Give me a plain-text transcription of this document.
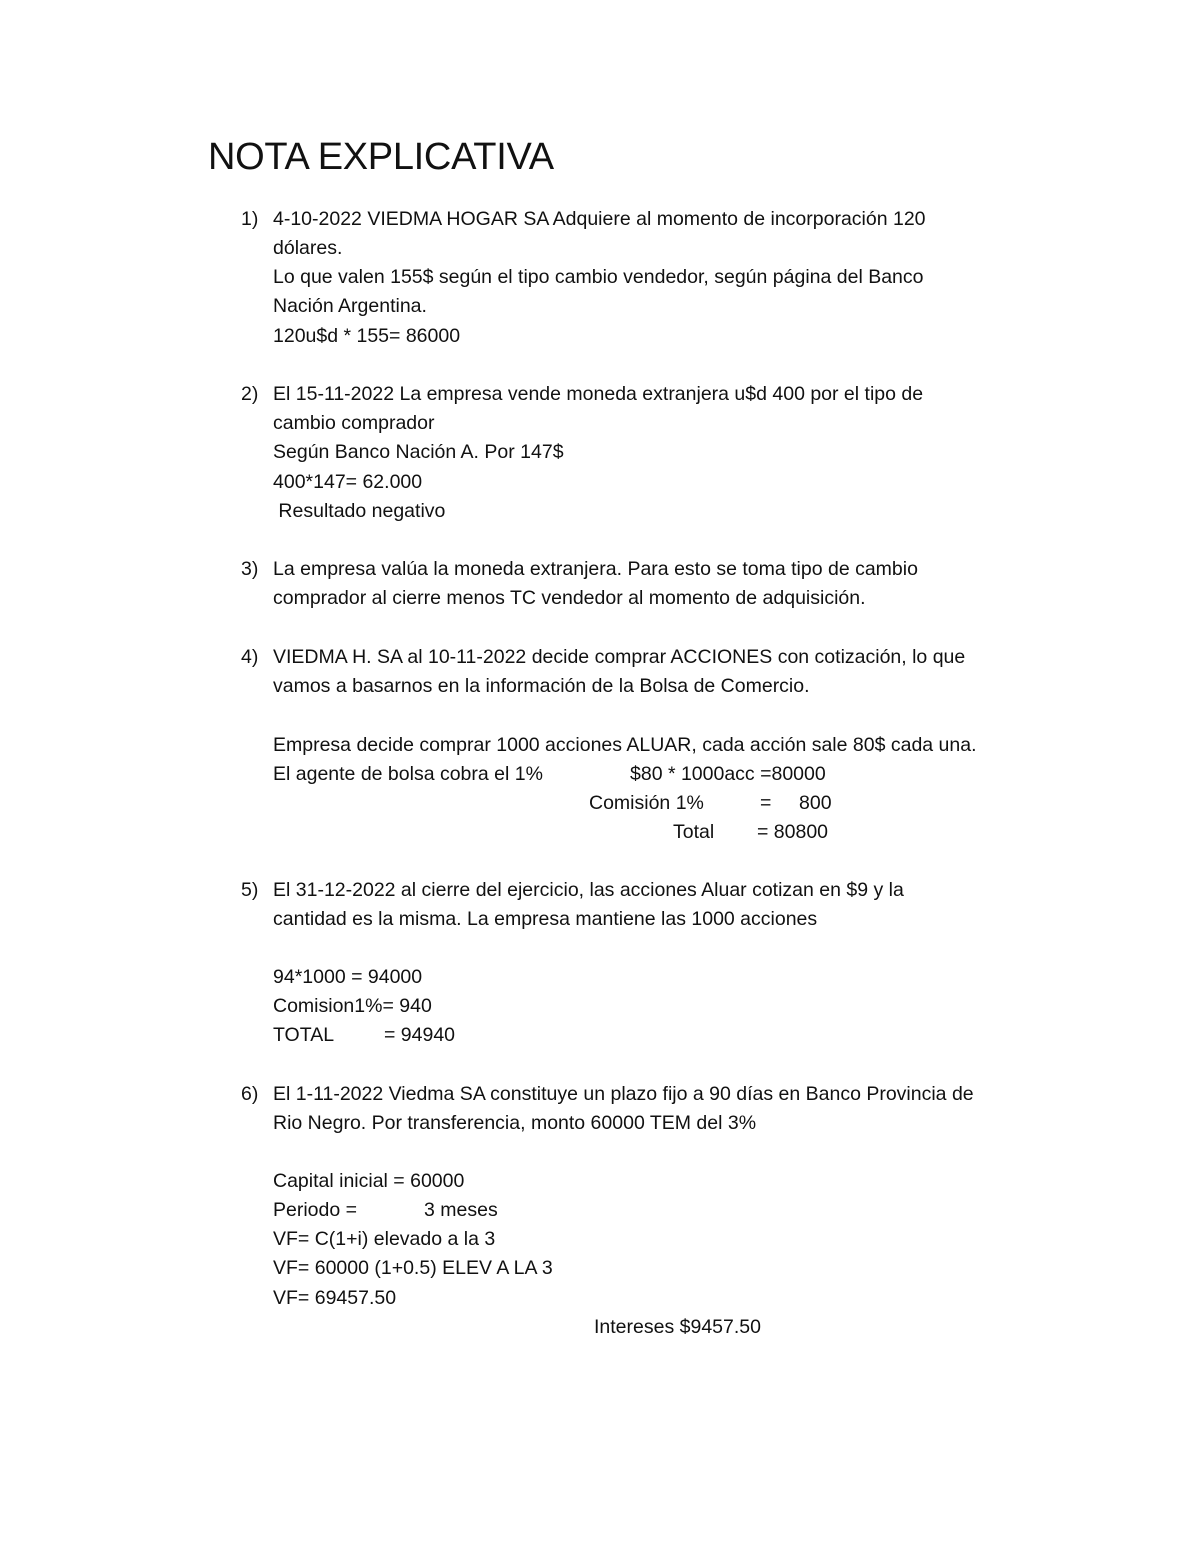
NOTA EXPLICATIVA
1) 4-10-2022 VIEDMA HOGAR SA Adquiere al momento de incorporación 120
dólares.
Lo que valen 155$ según el tipo cambio vendedor, según página del Banco
Nación Argentina.
120u$d * 155= 86000
2) El 15-11-2022 La empresa vende moneda extranjera u$d 400 por el tipo de
cambio comprador
Según Banco Nación A. Por 147$
400*147= 62.000
Resultado negativo
3) La empresa valúa la moneda extranjera. Para esto se toma tipo de cambio
comprador al cierre menos TC vendedor al momento de adquisición.
4) VIEDMA H. SA al 10-11-2022 decide comprar ACCIONES con cotización, lo que
vamos a basarnos en la información de la Bolsa de Comercio.
Empresa decide comprar 1000 acciones ALUAR, cada acción sale 80$ cada una.
El agente de bolsa cobra el 1%	$80 * 1000acc =80000
Comisión 1%	= 800
Total = 80800
5) El 31-12-2022 al cierre del ejercicio, las acciones Aluar cotizan en $9 y la
cantidad es la misma. La empresa mantiene las 1000 acciones
94*1000 = 94000
Comision1%= 940
TOTAL	= 94940
6) El 1-11-2022 Viedma SA constituye un plazo fijo a 90 días en Banco Provincia de
Rio Negro. Por transferencia, monto 60000 TEM del 3%
Capital inicial = 60000
Periodo =	3 meses
VF= C(1+i) elevado a la 3
VF= 60000 (1+0.5) ELEV A LA 3
VF= 69457.50
Intereses $9457.50
